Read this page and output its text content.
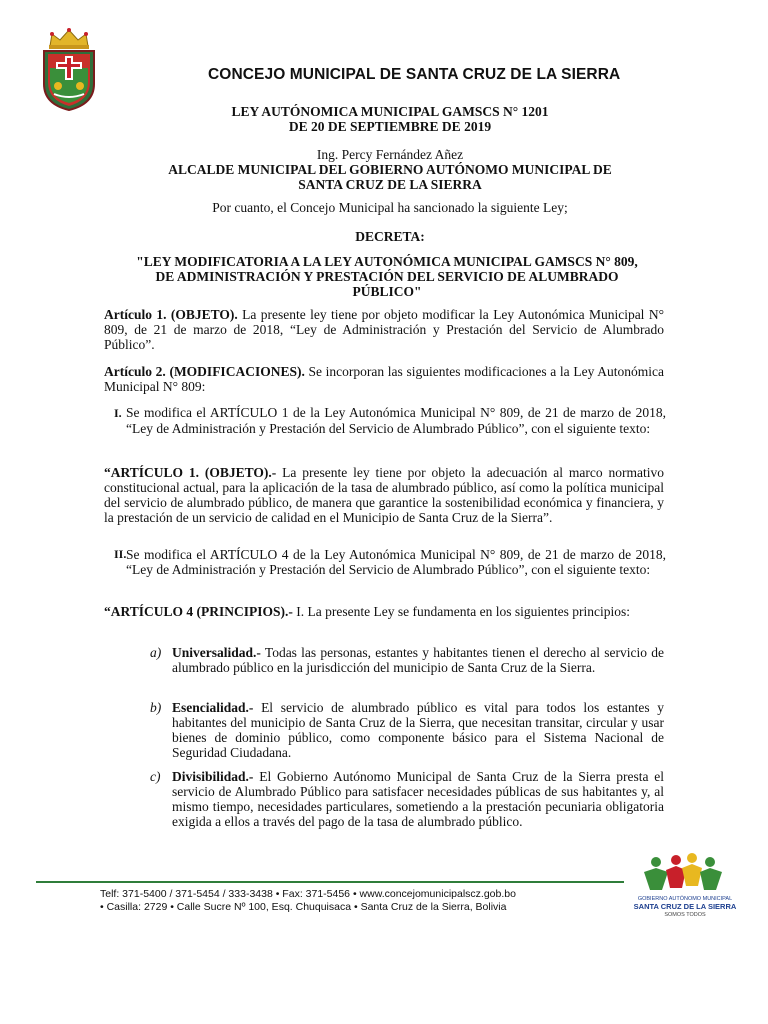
CONCEJO MUNICIPAL DE SANTA CRUZ DE LA SIERRA
LEY AUTÓNOMICA MUNICIPAL GAMSCS N° 1201
DE 20 DE SEPTIEMBRE DE 2019
Ing. Percy Fernández Añez
ALCALDE MUNICIPAL DEL GOBIERNO AUTÓNOMO MUNICIPAL DE
SANTA CRUZ DE LA SIERRA
Por cuanto, el Concejo Municipal ha sancionado la siguiente Ley;
DECRETA:
"LEY MODIFICATORIA A LA LEY AUTONÓMICA MUNICIPAL GAMSCS N° 809,
DE ADMINISTRACIÓN Y PRESTACIÓN DEL SERVICIO DE ALUMBRADO
PÚBLICO"
Artículo 1. (OBJETO). La presente ley tiene por objeto modificar la Ley Autonómica Municipal N° 809, de 21 de marzo de 2018, “Ley de Administración y Prestación del Servicio de Alumbrado Público”.
Artículo 2. (MODIFICACIONES). Se incorporan las siguientes modificaciones a la Ley Autonómica Municipal N° 809:
I. Se modifica el ARTÍCULO 1 de la Ley Autonómica Municipal N° 809, de 21 de marzo de 2018, “Ley de Administración y Prestación del Servicio de Alumbrado Público”, con el siguiente texto:
“ARTÍCULO 1. (OBJETO).- La presente ley tiene por objeto la adecuación al marco normativo constitucional actual, para la aplicación de la tasa de alumbrado público, así como la política municipal del servicio de alumbrado público, de manera que garantice la sostenibilidad económica y financiera, y la prestación de un servicio de calidad en el Municipio de Santa Cruz de la Sierra”.
II. Se modifica el ARTÍCULO 4 de la Ley Autonómica Municipal N° 809, de 21 de marzo de 2018, “Ley de Administración y Prestación del Servicio de Alumbrado Público”, con el siguiente texto:
“ARTÍCULO 4 (PRINCIPIOS).- I. La presente Ley se fundamenta en los siguientes principios:
a) Universalidad.- Todas las personas, estantes y habitantes tienen el derecho al servicio de alumbrado público en la jurisdicción del municipio de Santa Cruz de la Sierra.
b) Esencialidad.- El servicio de alumbrado público es vital para todos los estantes y habitantes del municipio de Santa Cruz de la Sierra, que necesitan transitar, circular y usar bienes de dominio público, como componente básico para el Sistema Nacional de Seguridad Ciudadana.
c) Divisibilidad.- El Gobierno Autónomo Municipal de Santa Cruz de la Sierra presta el servicio de Alumbrado Público para satisfacer necesidades públicas de sus habitantes y, al mismo tiempo, necesidades particulares, sometiendo a la prestación pecuniaria obligatoria exigida a ellos a través del pago de la tasa de alumbrado público.
Telf: 371-5400 / 371-5454 / 333-3438 • Fax: 371-5456 • www.concejomunicipalscz.gob.bo
• Casilla: 2729 • Calle Sucre Nº 100, Esq. Chuquisaca • Santa Cruz de la Sierra, Bolivia
GOBIERNO AUTÓNOMO MUNICIPAL
SANTA CRUZ DE LA SIERRA
SOMOS TODOS
